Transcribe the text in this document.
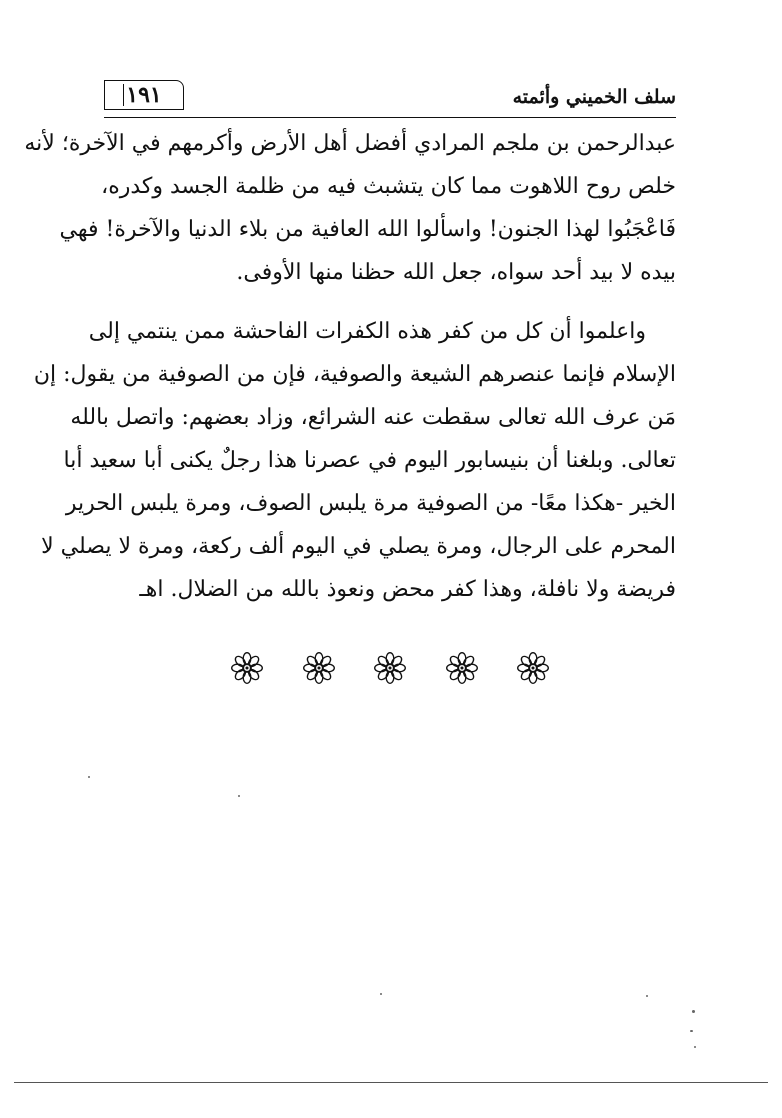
١٩١	سلف الخميني وأئمته
عبدالرحمن بن ملجم المرادي أفضل أهل الأرض وأكرمهم في الآخرة؛ لأنه
خلص روح اللاهوت مما كان يتشبث فيه من ظلمة الجسد وكدره،
فَاعْجَبُوا لهذا الجنون! واسألوا الله العافية من بلاء الدنيا والآخرة! فهي
بيده لا بيد أحد سواه، جعل الله حظنا منها الأوفى.
واعلموا أن كل من كفر هذه الكفرات الفاحشة ممن ينتمي إلى
الإسلام فإنما عنصرهم الشيعة والصوفية، فإن من الصوفية من يقول: إن
مَن عرف الله تعالى سقطت عنه الشرائع، وزاد بعضهم: واتصل بالله
تعالى. وبلغنا أن بنيسابور اليوم في عصرنا هذا رجلٌ يكنى أبا سعيد أبا
الخير -هكذا معًا- من الصوفية مرة يلبس الصوف، ومرة يلبس الحرير
المحرم على الرجال، ومرة يصلي في اليوم ألف ركعة، ومرة لا يصلي لا
فريضة ولا نافلة، وهذا كفر محض ونعوذ بالله من الضلال. اهـ
